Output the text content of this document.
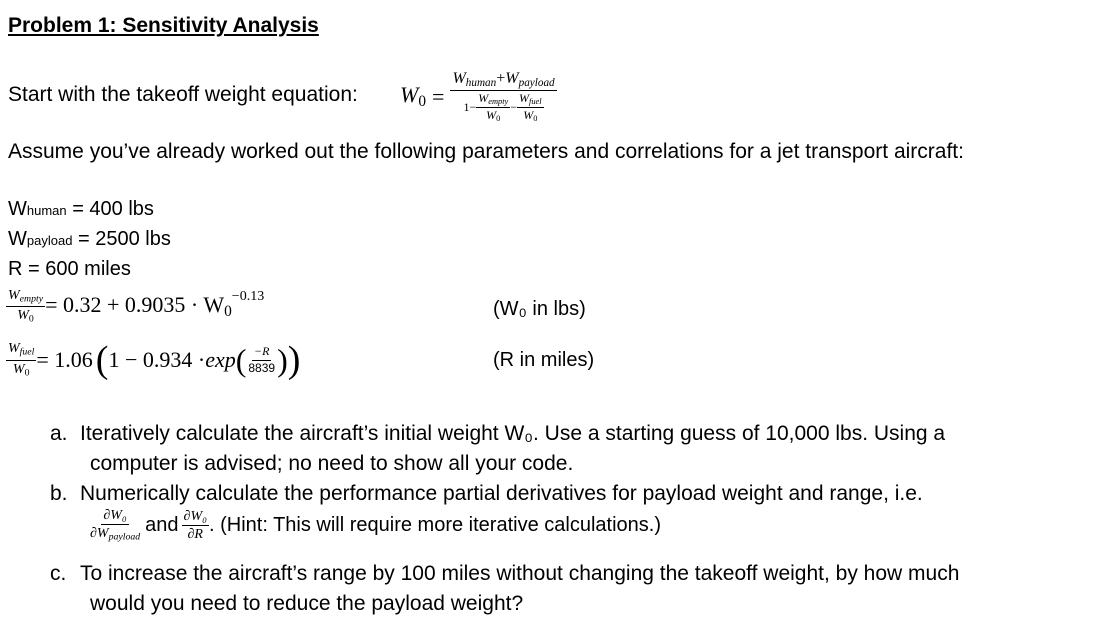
Problem 1: Sensitivity Analysis
Start with the takeoff weight equation: $W_0$ =
$W_{human}+W_{payload}$
$1- \frac{W_{empty}}{W_0} - \frac{W_{fuel}}{W_0}$
Assume you’ve already worked out the following parameters and correlations for a jet transport aircraft:
Whuman = 400 lbs
Wpayload = 2500 lbs
R = 600 miles
$\frac{W_{empty}}{W_0} = 0.32 + 0.9035 \cdot W_0^{-0.13}$
(W₀ in lbs)
$\frac{W_{fuel}}{W_0} = 1.06$ ( 1 − 0.934 · exp ( $\frac{-R}{8839}$ ) )	(R in miles)
a. Iteratively calculate the aircraft’s initial weight W₀. Use a starting guess of 10,000 lbs. Using a
computer is advised; no need to show all your code.
b. Numerically calculate the performance partial derivatives for payload weight and range, i.e.
$\frac{\text{∂W₀}}{\partial W_{payload}}$ and $\frac{\text{∂W₀}}{\partial R}$ . (Hint: This will require more iterative calculations.)
c. To increase the aircraft’s range by 100 miles without changing the takeoff weight, by how much
would you need to reduce the payload weight?
